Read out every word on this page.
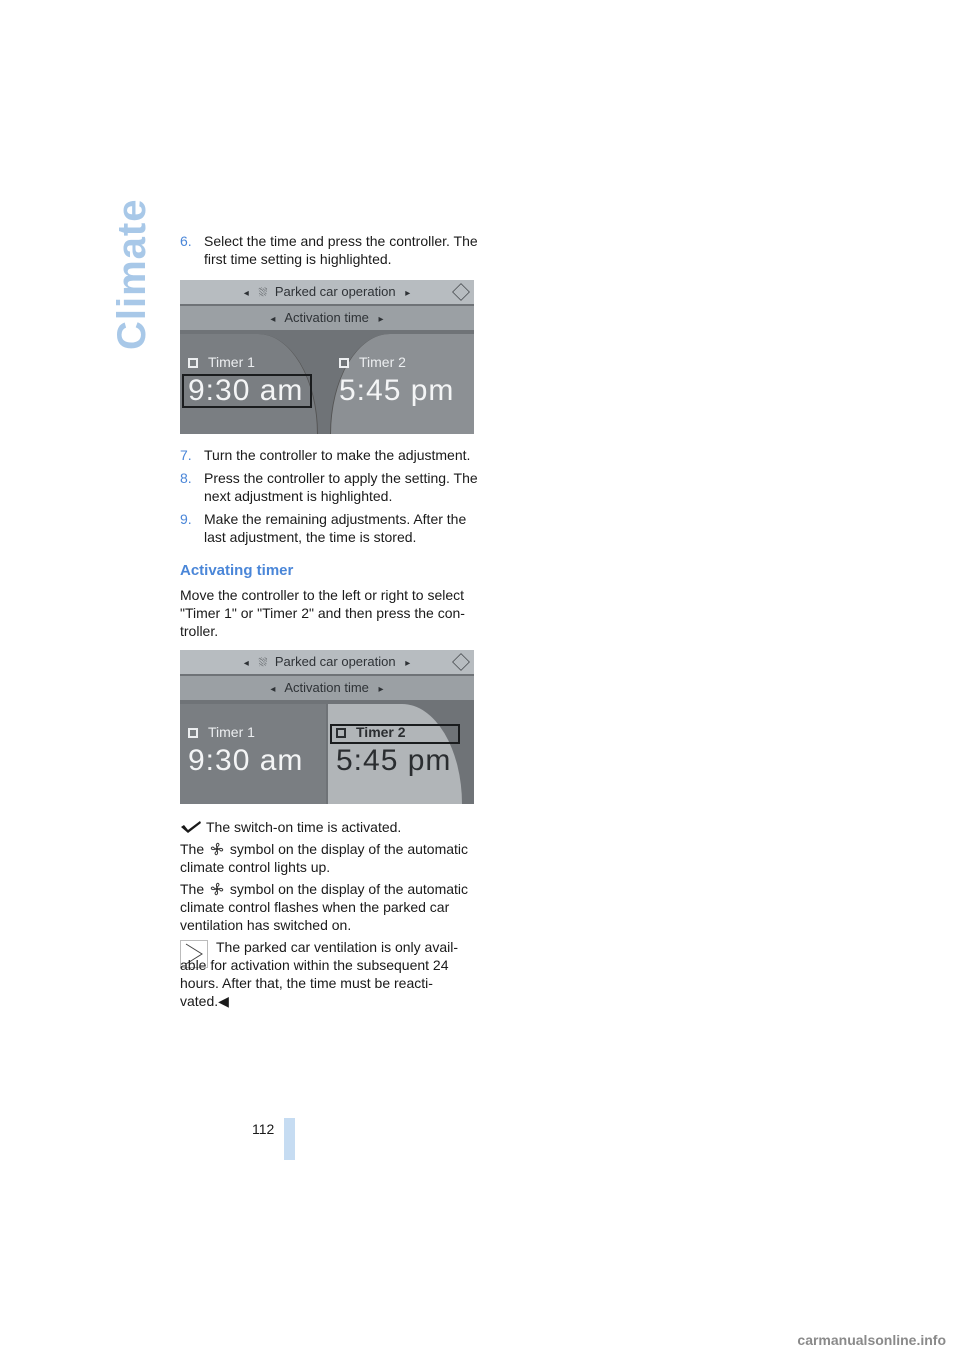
Climate 6. Select the time and press the controller. The first time setting is highlighted.
◂ ⛆ Parked car operation ▸
◂ Activation time ▸
Timer 1
9:30 am
Timer 2
5:45 pm
7. Turn the controller to make the adjustment.
8. Press the controller to apply the setting. The next adjustment is highlighted.
9. Make the remaining adjustments. After the last adjustment, the time is stored.
Activating timer
Move the controller to the left or right to select "Timer 1" or "Timer 2" and then press the con-troller.
◂ ⛆ Parked car operation ▸
◂ Activation time ▸
Timer 1
9:30 am
Timer 2
5:45 pm
The switch-on time is activated.
The symbol on the display of the automatic climate control lights up.
The symbol on the display of the automatic climate control flashes when the parked car ventilation has switched on.
The parked car ventilation is only avail-able for activation within the subsequent 24 hours. After that, the time must be reacti-vated.◀
112
carmanualsonline.info
